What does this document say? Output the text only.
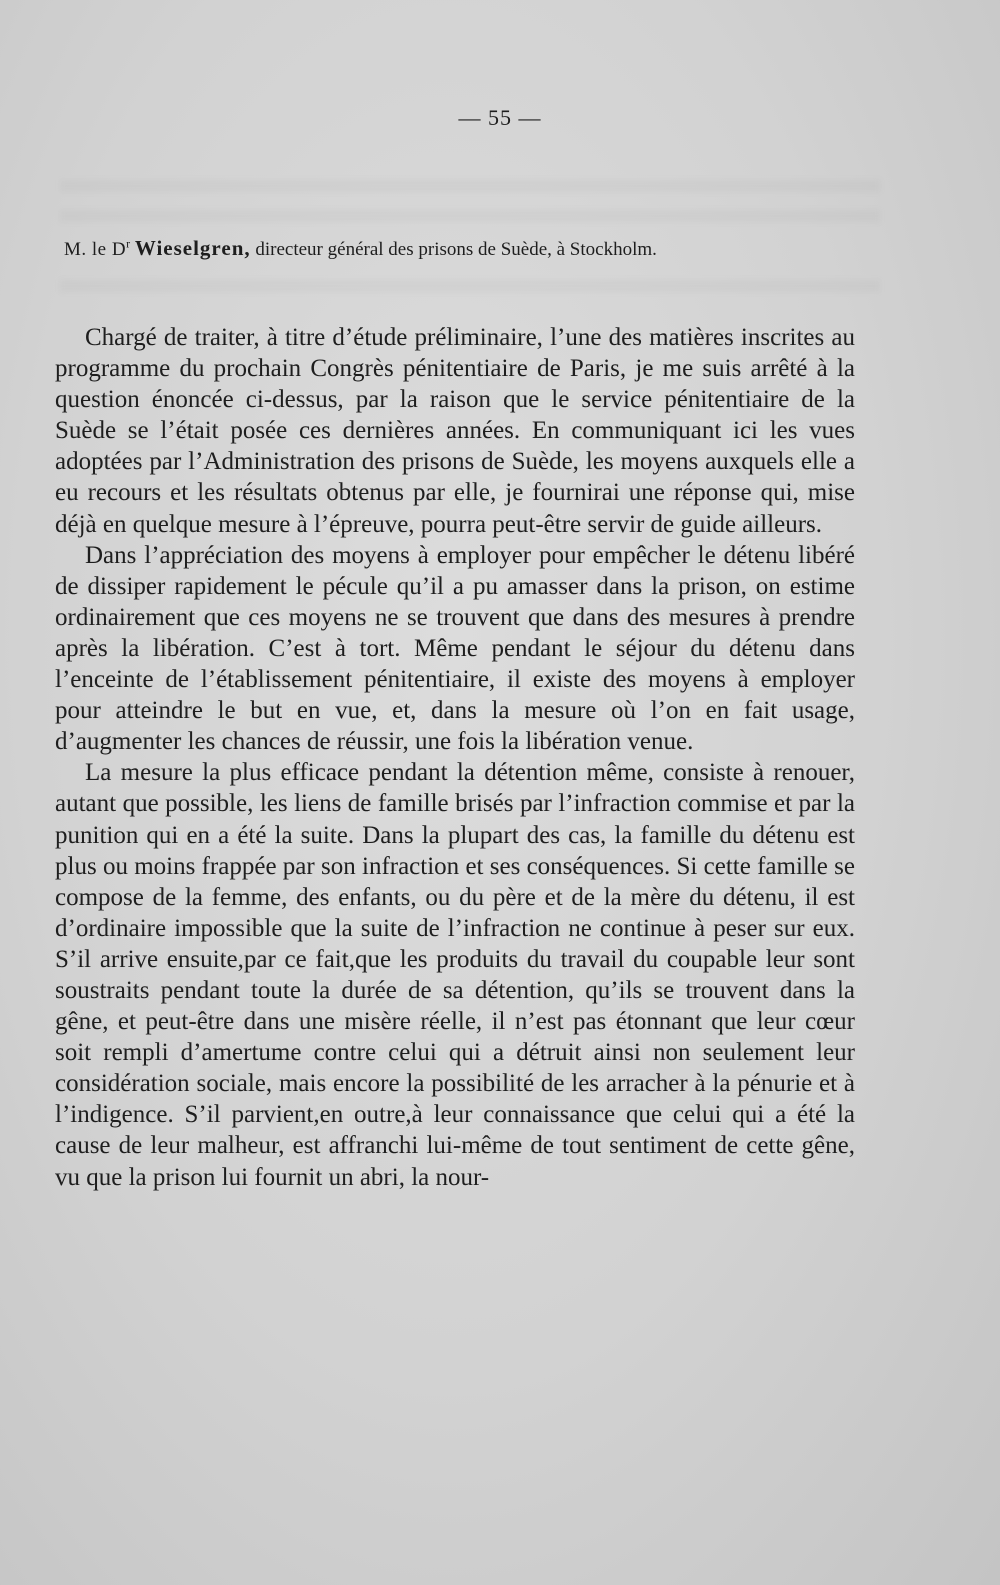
— 55 —
M. le $D^r$ Wieselgren, directeur général des prisons de Suède, à Stockholm.

Chargé de traiter, à titre d’étude préliminaire, l’une des matières inscrites au programme du prochain Congrès pénitentiaire de Paris, je me suis arrêté à la question énoncée ci-dessus, par la raison que le service pénitentiaire de la Suède se l’était posée ces dernières années. En communiquant ici les vues adoptées par l’Administration des prisons de Suède, les moyens auxquels elle a eu recours et les résultats obtenus par elle, je fournirai une réponse qui, mise déjà en quelque mesure à l’épreuve, pourra peut-être servir de guide ailleurs.

Dans l’appréciation des moyens à employer pour empêcher le détenu libéré de dissiper rapidement le pécule qu’il a pu amasser dans la prison, on estime ordinairement que ces moyens ne se trouvent que dans des mesures à prendre après la libération. C’est à tort. Même pendant le séjour du détenu dans l’enceinte de l’établissement pénitentiaire, il existe des moyens à employer pour atteindre le but en vue, et, dans la mesure où l’on en fait usage, d’augmenter les chances de réussir, une fois la libération venue.

La mesure la plus efficace pendant la détention même, consiste à renouer, autant que possible, les liens de famille brisés par l’infraction commise et par la punition qui en a été la suite. Dans la plupart des cas, la famille du détenu est plus ou moins frappée par son infraction et ses conséquences. Si cette famille se compose de la femme, des enfants, ou du père et de la mère du détenu, il est d’ordinaire impossible que la suite de l’infraction ne continue à peser sur eux. S’il arrive ensuite,par ce fait,que les produits du travail du coupable leur sont soustraits pendant toute la durée de sa détention, qu’ils se trouvent dans la gêne, et peut-être dans une misère réelle, il n’est pas étonnant que leur cœur soit rempli d’amertume contre celui qui a détruit ainsi non seulement leur considération sociale, mais encore la possibilité de les arracher à la pénurie et à l’indigence. S’il parvient,en outre,à leur connaissance que celui qui a été la cause de leur malheur, est affranchi lui-même de tout sentiment de cette gêne, vu que la prison lui fournit un abri, la nour-
